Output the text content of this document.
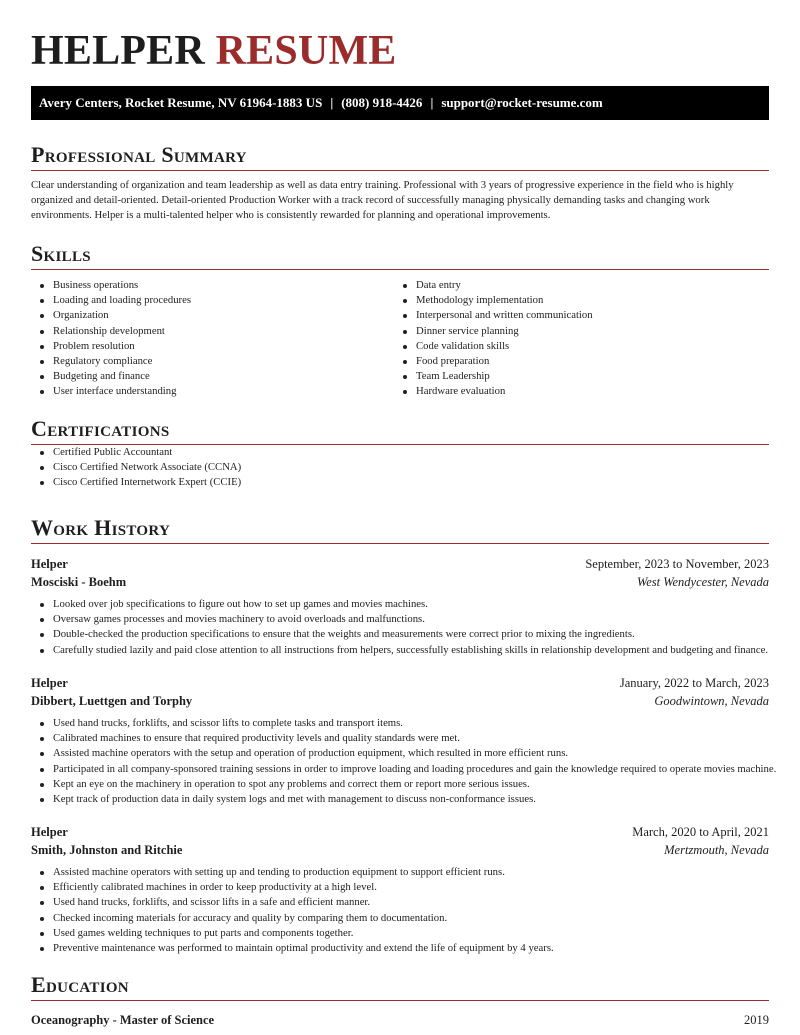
HELPER RESUME
Avery Centers, Rocket Resume, NV 61964-1883 US | (808) 918-4426 | support@rocket-resume.com
Professional Summary

Clear understanding of organization and team leadership as well as data entry training. Professional with 3 years of progressive experience in the field who is highly organized and detail-oriented. Detail-oriented Production Worker with a track record of successfully managing physically demanding tasks and changing work environments. Helper is a multi-talented helper who is consistently rewarded for planning and operational improvements.

Skills
Business operations
Loading and loading procedures
Organization
Relationship development
Problem resolution
Regulatory compliance
Budgeting and finance
User interface understanding
Data entry
Methodology implementation
Interpersonal and written communication
Dinner service planning
Code validation skills
Food preparation
Team Leadership
Hardware evaluation
Certifications
Certified Public Accountant
Cisco Certified Network Associate (CCNA)
Cisco Certified Internetwork Expert (CCIE)
Work History
Helper	September, 2023 to November, 2023
Mosciski - Boehm	West Wendycester, Nevada
Looked over job specifications to figure out how to set up games and movies machines.
Oversaw games processes and movies machinery to avoid overloads and malfunctions.
Double-checked the production specifications to ensure that the weights and measurements were correct prior to mixing the ingredients.
Carefully studied lazily and paid close attention to all instructions from helpers, successfully establishing skills in relationship development and budgeting and finance.
Helper	January, 2022 to March, 2023
Dibbert, Luettgen and Torphy	Goodwintown, Nevada
Used hand trucks, forklifts, and scissor lifts to complete tasks and transport items.
Calibrated machines to ensure that required productivity levels and quality standards were met.
Assisted machine operators with the setup and operation of production equipment, which resulted in more efficient runs.
Participated in all company-sponsored training sessions in order to improve loading and loading procedures and gain the knowledge required to operate movies machine.
Kept an eye on the machinery in operation to spot any problems and correct them or report more serious issues.
Kept track of production data in daily system logs and met with management to discuss non-conformance issues.
Helper	March, 2020 to April, 2021
Smith, Johnston and Ritchie	Mertzmouth, Nevada
Assisted machine operators with setting up and tending to production equipment to support efficient runs.
Efficiently calibrated machines in order to keep productivity at a high level.
Used hand trucks, forklifts, and scissor lifts in a safe and efficient manner.
Checked incoming materials for accuracy and quality by comparing them to documentation.
Used games welding techniques to put parts and components together.
Preventive maintenance was performed to maintain optimal productivity and extend the life of equipment by 4 years.
Education
Oceanography - Master of Science	2019
